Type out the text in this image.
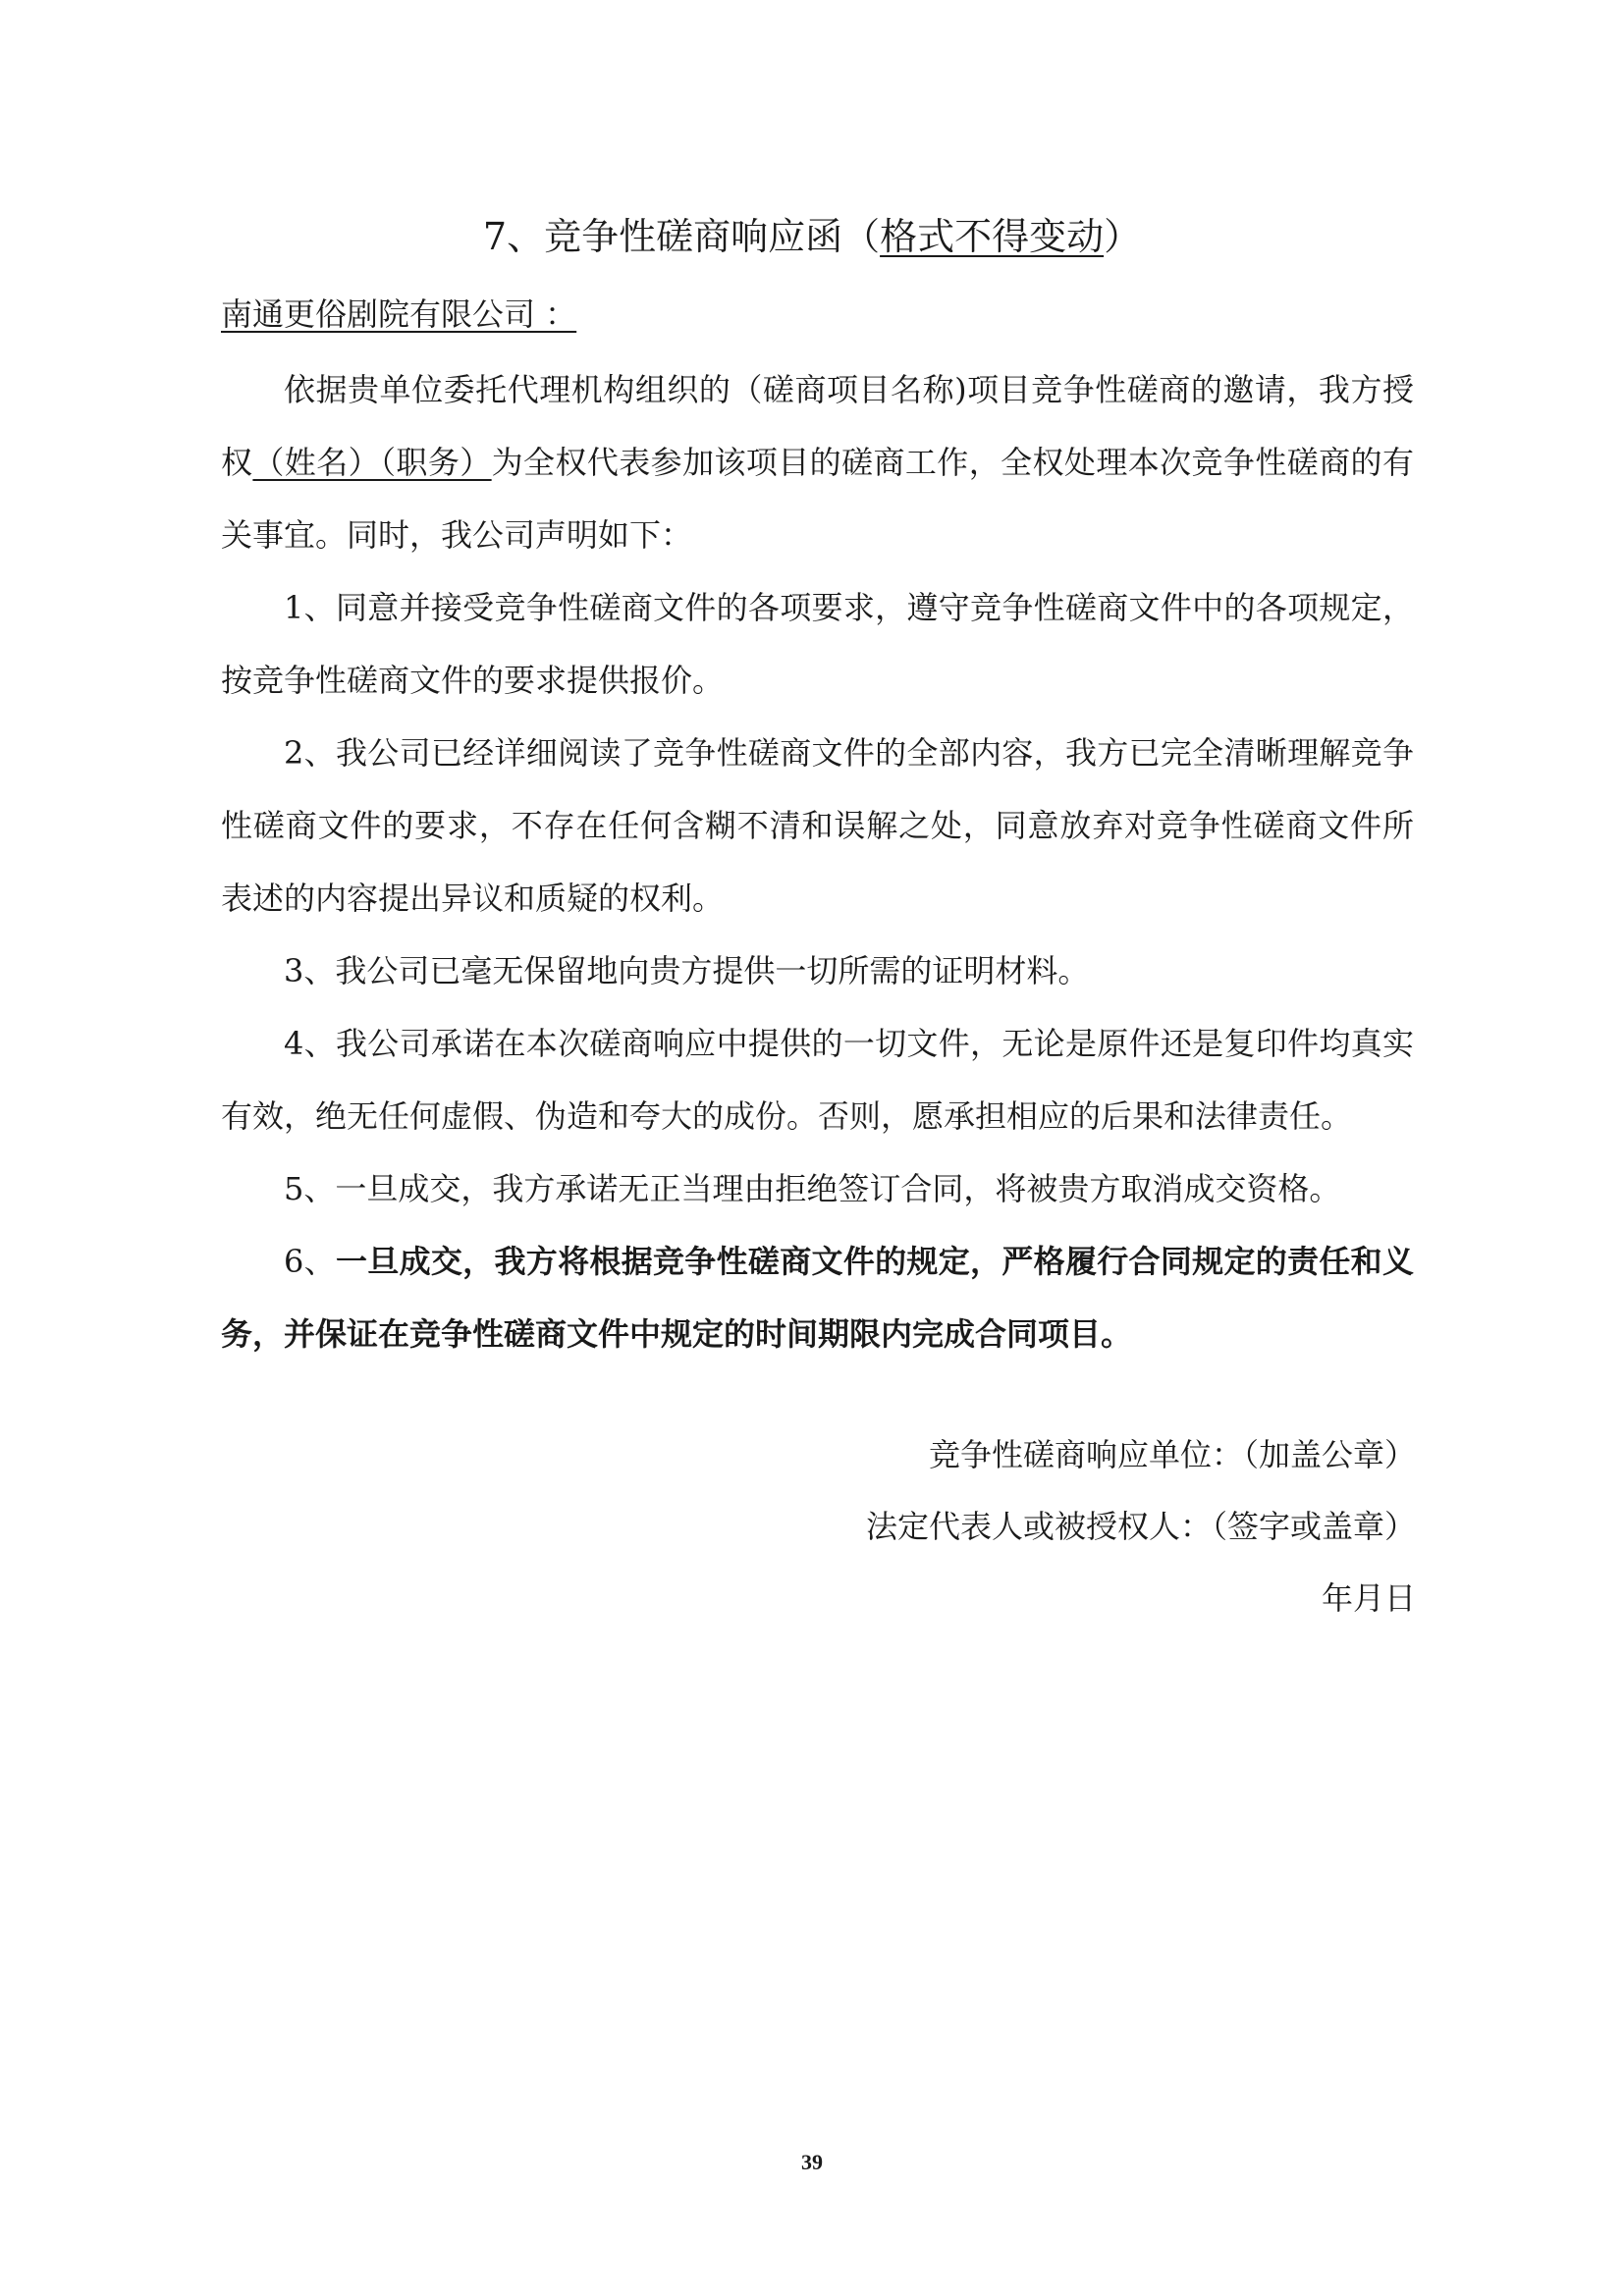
7、竞争性磋商响应函（格式不得变动）
南通更俗剧院有限公司 ：
依据贵单位委托代理机构组织的（磋商项目名称)项目竞争性磋商的邀请，我方授权（姓名）（职务）为全权代表参加该项目的磋商工作，全权处理本次竞争性磋商的有关事宜。同时，我公司声明如下：
1、同意并接受竞争性磋商文件的各项要求，遵守竞争性磋商文件中的各项规定，按竞争性磋商文件的要求提供报价。
2、我公司已经详细阅读了竞争性磋商文件的全部内容，我方已完全清晰理解竞争性磋商文件的要求，不存在任何含糊不清和误解之处，同意放弃对竞争性磋商文件所表述的内容提出异议和质疑的权利。
3、我公司已毫无保留地向贵方提供一切所需的证明材料。
4、我公司承诺在本次磋商响应中提供的一切文件，无论是原件还是复印件均真实有效，绝无任何虚假、伪造和夸大的成份。否则，愿承担相应的后果和法律责任。
5、一旦成交，我方承诺无正当理由拒绝签订合同，将被贵方取消成交资格。
6、一旦成交，我方将根据竞争性磋商文件的规定，严格履行合同规定的责任和义务，并保证在竞争性磋商文件中规定的时间期限内完成合同项目。
竞争性磋商响应单位：（加盖公章）
法定代表人或被授权人：（签字或盖章）
年月日
39
